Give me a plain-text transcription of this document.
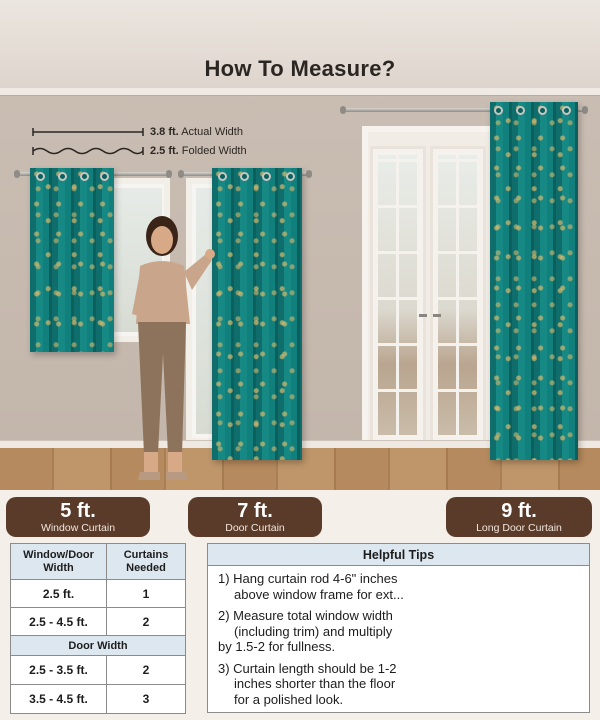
How To Measure?
3.8 ft. Actual Width
2.5 ft. Folded Width
5 ft.
Window Curtain
7 ft.
Door Curtain
9 ft.
Long Door Curtain
Window/Door Width	Curtains Needed
2.5 ft.	1
2.5 - 4.5 ft.	2
Door Width	
2.5 - 3.5 ft.	2
3.5 - 4.5 ft.	3
Helpful Tips
1) Hang curtain rod 4-6" inches
above window frame for ext...
2) Measure total window width
(including trim) and multiply
by 1.5-2 for fullness.
3) Curtain length should be 1-2
inches shorter than the floor
for a polished look.
